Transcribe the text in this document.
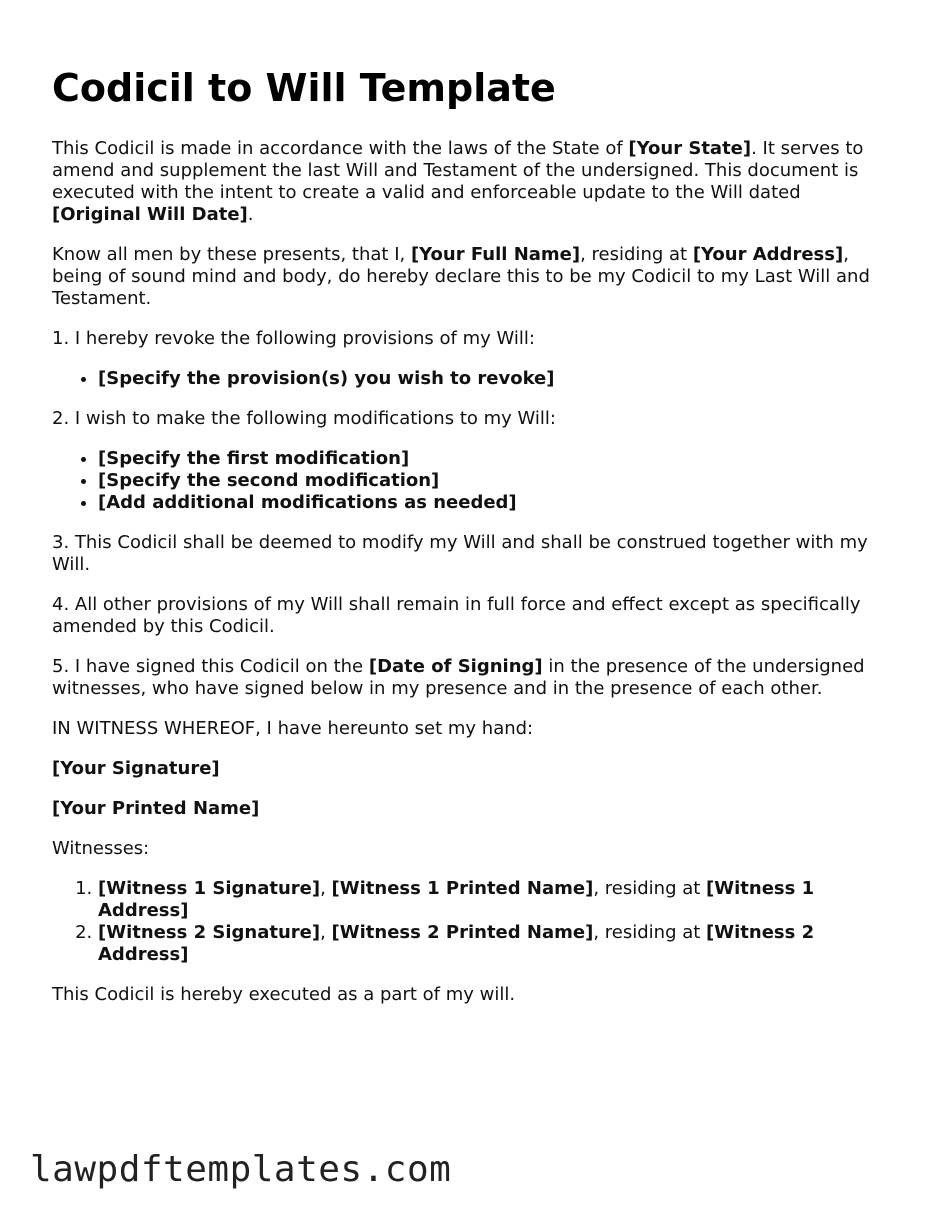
Codicil to Will Template

This Codicil is made in accordance with the laws of the State of [Your State]. It serves to amend and supplement the last Will and Testament of the undersigned. This document is executed with the intent to create a valid and enforceable update to the Will dated [Original Will Date].

Know all men by these presents, that I, [Your Full Name], residing at [Your Address], being of sound mind and body, do hereby declare this to be my Codicil to my Last Will and Testament.

1. I hereby revoke the following provisions of my Will:

• [Specify the provision(s) you wish to revoke]

2. I wish to make the following modifications to my Will:

• [Specify the first modification]
• [Specify the second modification]
• [Add additional modifications as needed]

3. This Codicil shall be deemed to modify my Will and shall be construed together with my Will.

4. All other provisions of my Will shall remain in full force and effect except as specifically amended by this Codicil.

5. I have signed this Codicil on the [Date of Signing] in the presence of the undersigned witnesses, who have signed below in my presence and in the presence of each other.

IN WITNESS WHEREOF, I have hereunto set my hand:

[Your Signature]

[Your Printed Name]

Witnesses:

1. [Witness 1 Signature], [Witness 1 Printed Name], residing at [Witness 1 Address]
2. [Witness 2 Signature], [Witness 2 Printed Name], residing at [Witness 2 Address]

This Codicil is hereby executed as a part of my will.

lawpdftemplates.com
